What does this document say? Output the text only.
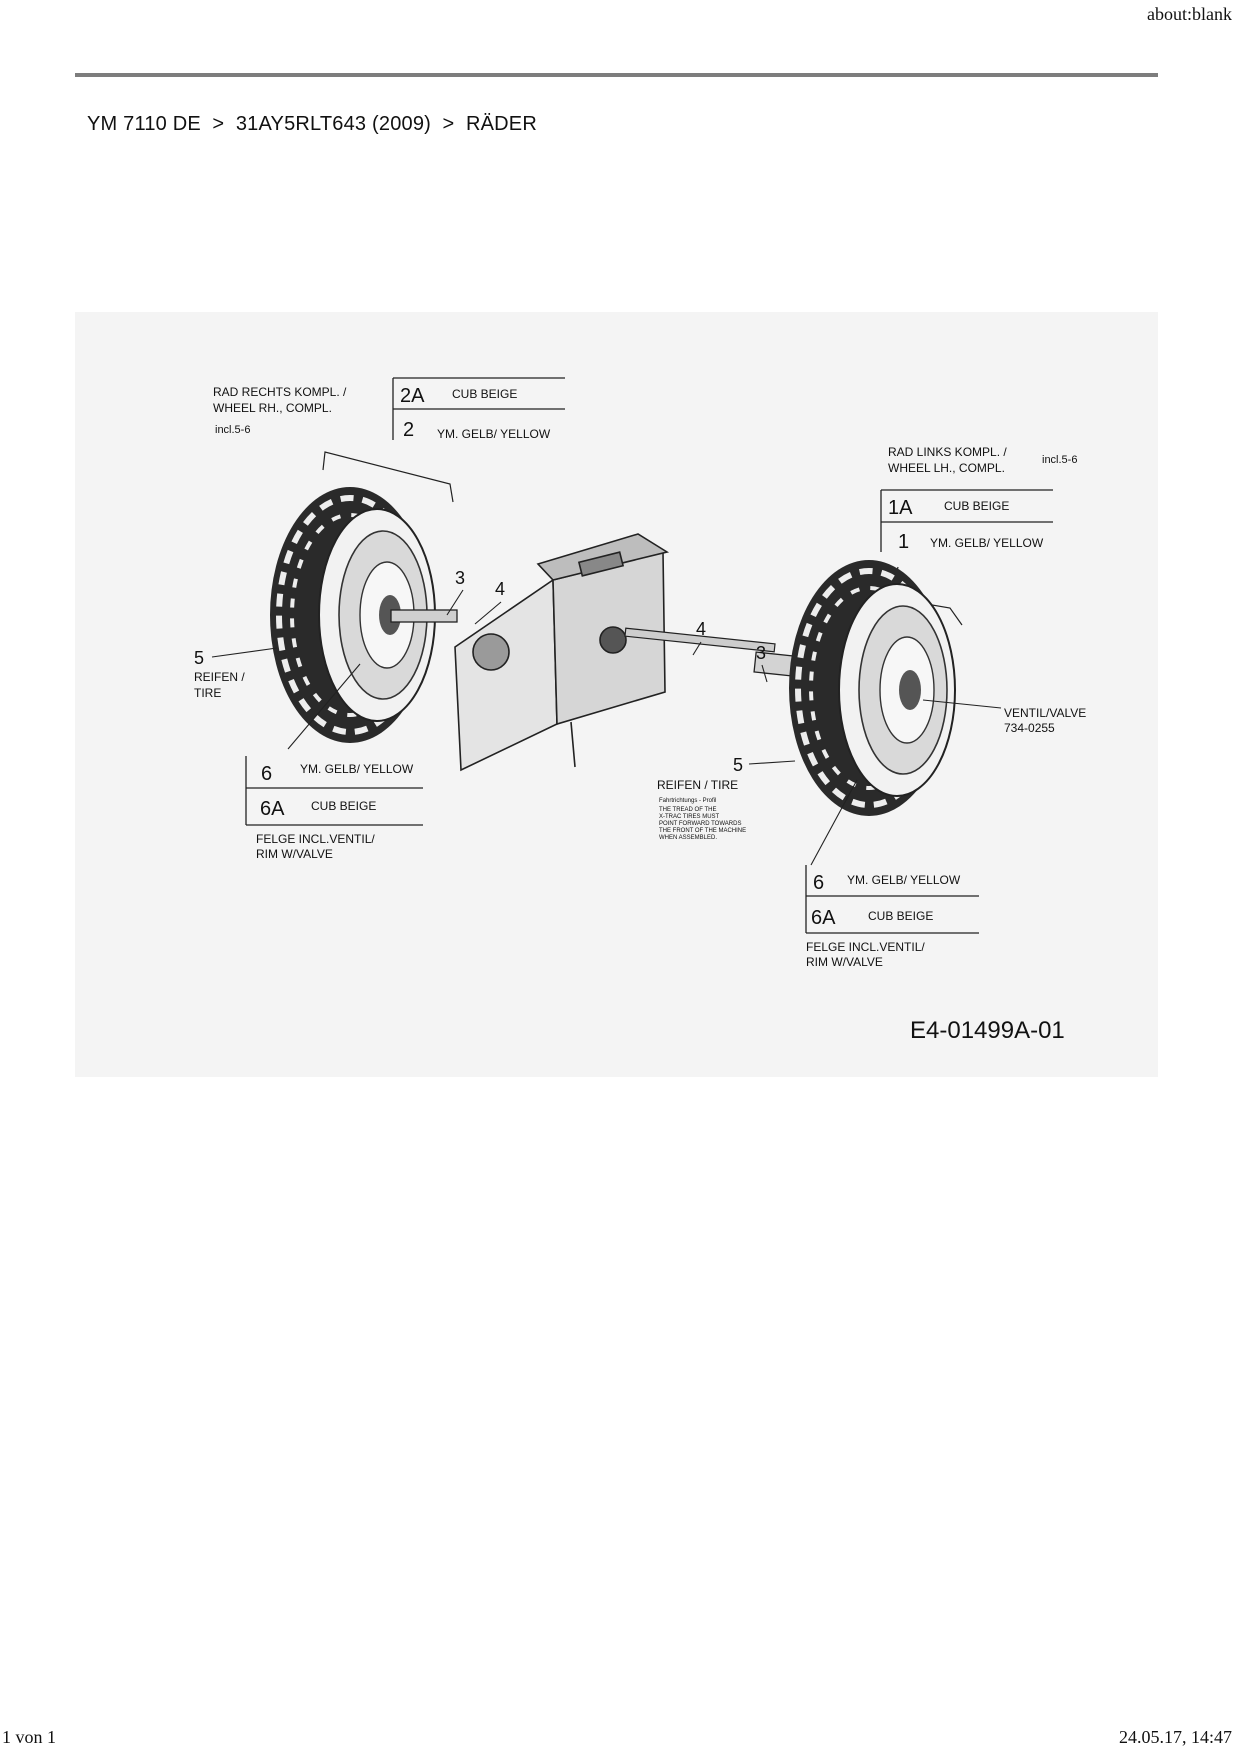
about:blank
YM 7110 DE > 31AY5RLT643 (2009) > RÄDER
RAD RECHTS KOMPL. /
WHEEL RH., COMPL.
incl.5-6
2A CUB BEIGE
2 YM. GELB/ YELLOW
RAD LINKS KOMPL. /
WHEEL LH., COMPL.
incl.5-6
1A	CUB BEIGE
1 YM. GELB/ YELLOW
3
4
4
3
5
REIFEN /
TIRE
5
REIFEN / TIRE
Fahrtrichtungs - Profil
THE TREAD OF THE
X-TRAC TIRES MUST
POINT FORWARD TOWARDS
THE FRONT OF THE MACHINE
WHEN ASSEMBLED.
VENTIL/VALVE
734-0255
6 YM. GELB/ YELLOW
6A CUB BEIGE
FELGE INCL.VENTIL/
RIM W/VALVE
6 YM. GELB/ YELLOW
6A	CUB BEIGE
FELGE INCL.VENTIL/
RIM W/VALVE
E4-01499A-01
1 von 1	24.05.17, 14:47
